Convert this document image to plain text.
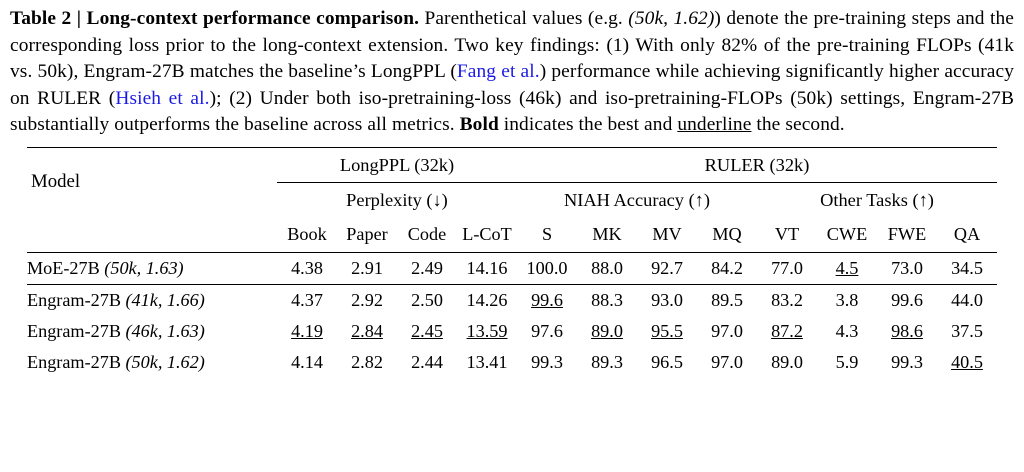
Table 2 | Long-context performance comparison. Parenthetical values (e.g. (50k, 1.62)) denote the pre-training steps and the corresponding loss prior to the long-context extension. Two key findings: (1) With only 82% of the pre-training FLOPs (41k vs. 50k), Engram-27B matches the baseline’s LongPPL (Fang et al.) performance while achieving significantly higher accuracy on RULER (Hsieh et al.); (2) Under both iso-pretraining-loss (46k) and iso-pretraining-FLOPs (50k) settings, Engram-27B substantially outperforms the baseline across all metrics. Bold indicates the best and underline the second.

Model	LongPPL (32k)				RULER (32k)							

	Perplexity (↓)				NIAH Accuracy (↑)				Other Tasks (↑)			
	Book	Paper	Code	L-CoT	S	MK	MV	MQ	VT	CWE	FWE	QA

MoE-27B (50k, 1.63)	4.38	2.91	2.49	14.16	100.0	88.0	92.7	84.2	77.0	4.5	73.0	34.5

Engram-27B (41k, 1.66)	4.37	2.92	2.50	14.26	99.6	88.3	93.0	89.5	83.2	3.8	99.6	44.0
Engram-27B (46k, 1.63)	4.19	2.84	2.45	13.59	97.6	89.0	95.5	97.0	87.2	4.3	98.6	37.5
Engram-27B (50k, 1.62)	4.14	2.82	2.44	13.41	99.3	89.3	96.5	97.0	89.0	5.9	99.3	40.5
